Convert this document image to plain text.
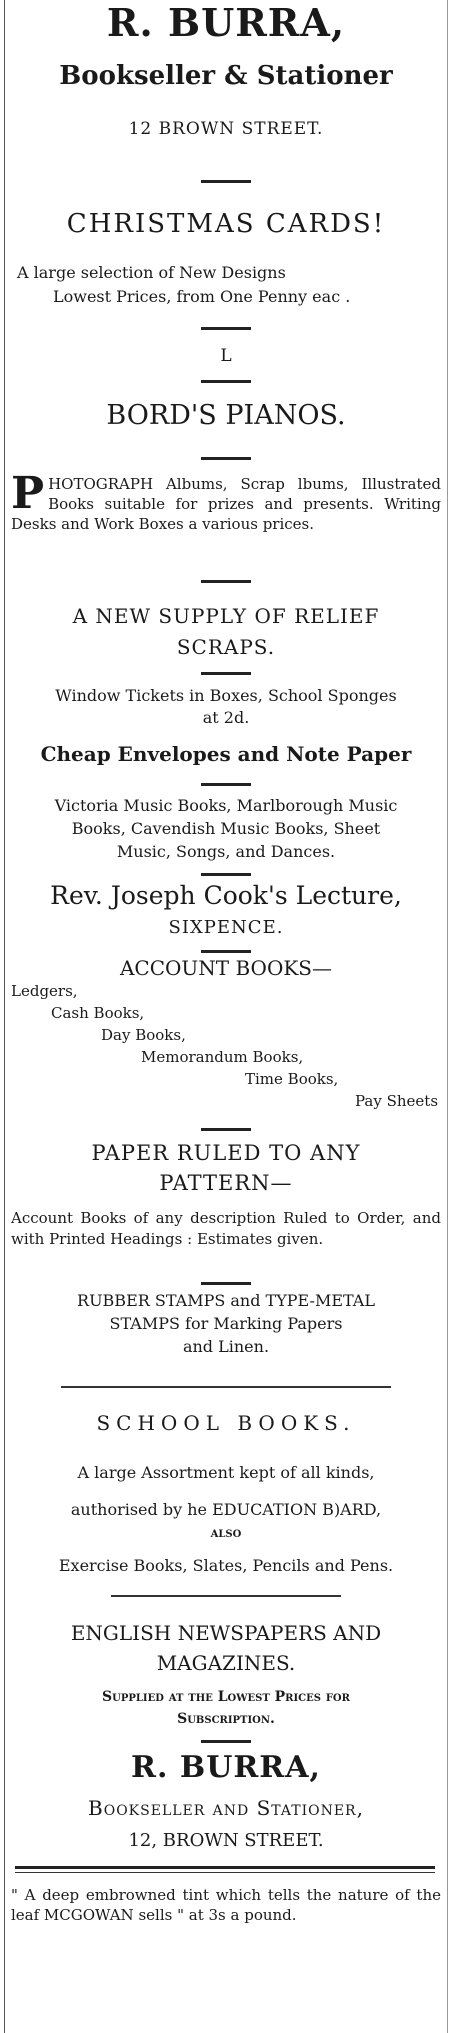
R. BURRA,
Bookseller & Stationer
12 BROWN STREET.
CHRISTMAS CARDS!
A large selection of New Designs
Lowest Prices, from One Penny eac .
L
BORD'S PIANOS.
PHOTOGRAPH Albums, Scrap lbums, Illustrated Books suitable for prizes and presents. Writing Desks and Work Boxes a various prices.
A NEW SUPPLY OF RELIEF
SCRAPS.
Window Tickets in Boxes, School Sponges
at 2d.
Cheap Envelopes and Note Paper
Victoria Music Books, Marlborough Music
Books, Cavendish Music Books, Sheet
Music, Songs, and Dances.
Rev. Joseph Cook's Lecture,
SIXPENCE.
ACCOUNT BOOKS—
Ledgers,
Cash Books,
Day Books,
Memorandum Books,
Time Books,
Pay Sheets
PAPER RULED TO ANY
PATTERN—
Account Books of any description Ruled to Order, and with Printed Headings : Estimates given.
RUBBER STAMPS and TYPE-METAL
STAMPS for Marking Papers
and Linen.
SCHOOL BOOKS.
A large Assortment kept of all kinds,
authorised by he EDUCATION B)ARD,
ALSO
Exercise Books, Slates, Pencils and Pens.
ENGLISH NEWSPAPERS AND
MAGAZINES.
Supplied at the Lowest Prices for
Subscription.
R. BURRA,
Bookseller and Stationer,
12, BROWN STREET.
" A deep embrowned tint which tells the nature of the leaf MCGOWAN sells " at 3s a pound.
